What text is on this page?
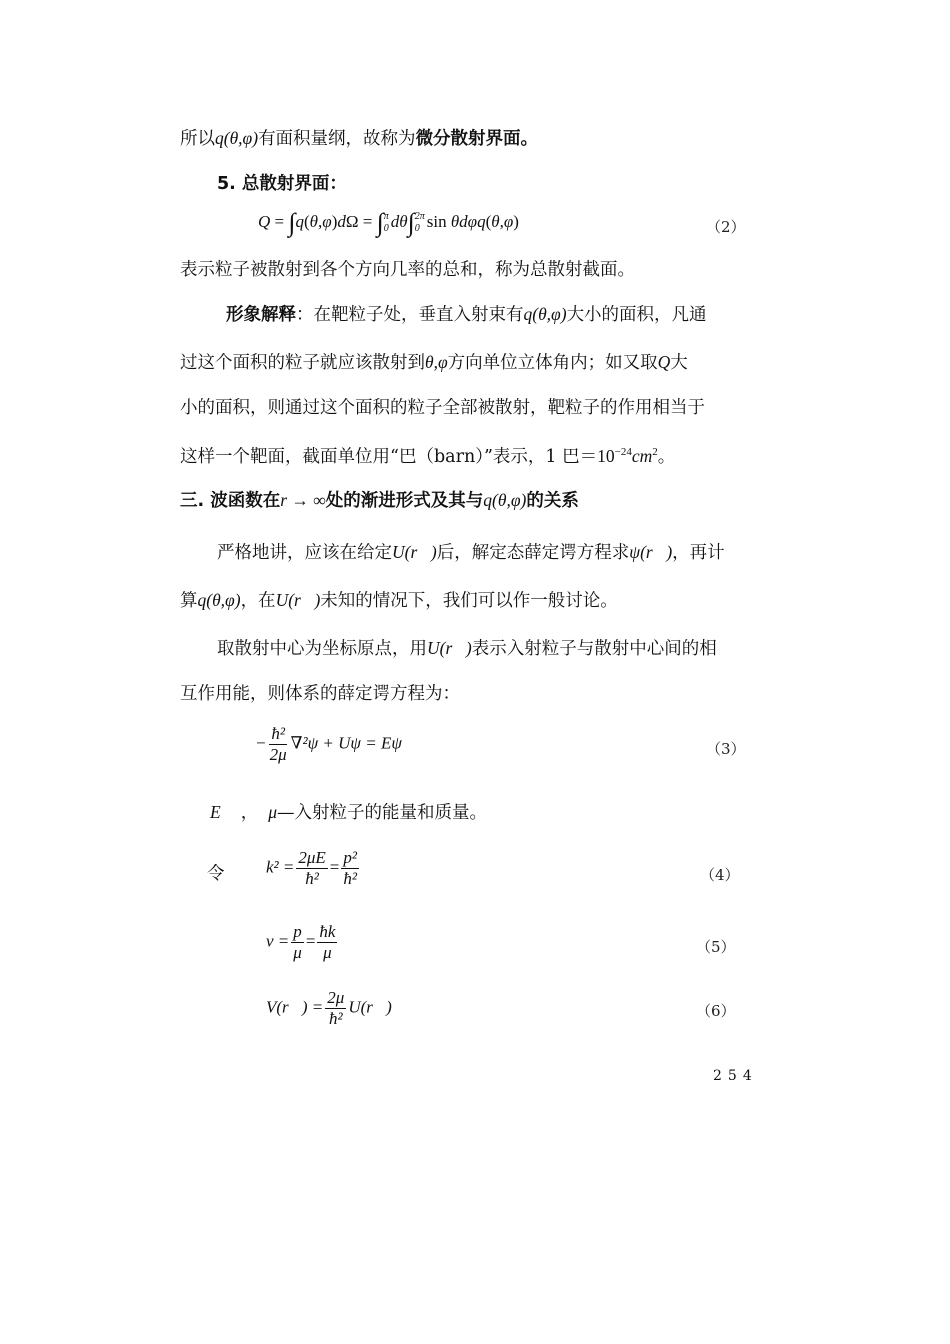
所以q(θ,φ)有面积量纲，故称为微分散射界面。
5. 总散射界面：
Q = ∫q(θ,φ)dΩ = ∫ π
0 dθ∫ 2π
0 sin θdφq(θ,φ)	（2）
表示粒子被散射到各个方向几率的总和，称为总散射截面。
形象解释：在靶粒子处，垂直入射束有q(θ,φ)大小的面积，凡通
过这个面积的粒子就应该散射到θ,φ方向单位立体角内；如又取Q大
小的面积，则通过这个面积的粒子全部被散射，靶粒子的作用相当于
这样一个靶面，截面单位用“巴（barn）”表示，1 巴$=10^{-24}cm^2$。
三. 波函数在r → ∞处的渐进形式及其与q(θ,φ)的关系
严格地讲，应该在给定U(r⃗)后，解定态薛定谔方程求ψ(r⃗)，再计
算q(θ,φ)，在U(r⃗)未知的情况下，我们可以作一般讨论。
取散射中心为坐标原点，用U(r⃗)表示入射粒子与散射中心间的相
互作用能，则体系的薛定谔方程为：
− $\frac{\text{ħ²}}{2\mu} \nabla^2\psi + U\psi = E\psi$	（3）
E ， μ—入射粒子的能量和质量。
令	$k^2 = \frac{2\mu E}{\text{ħ²}} = \frac{\text{p²}}{\text{ħ²}}$	（4）
$v = \frac{p}{\mu} = \frac{ħk}{\mu}$	（5）
V(r⃗) = $\frac{2\mu}{\text{ħ²}}$ U(r⃗)	（6）
254
